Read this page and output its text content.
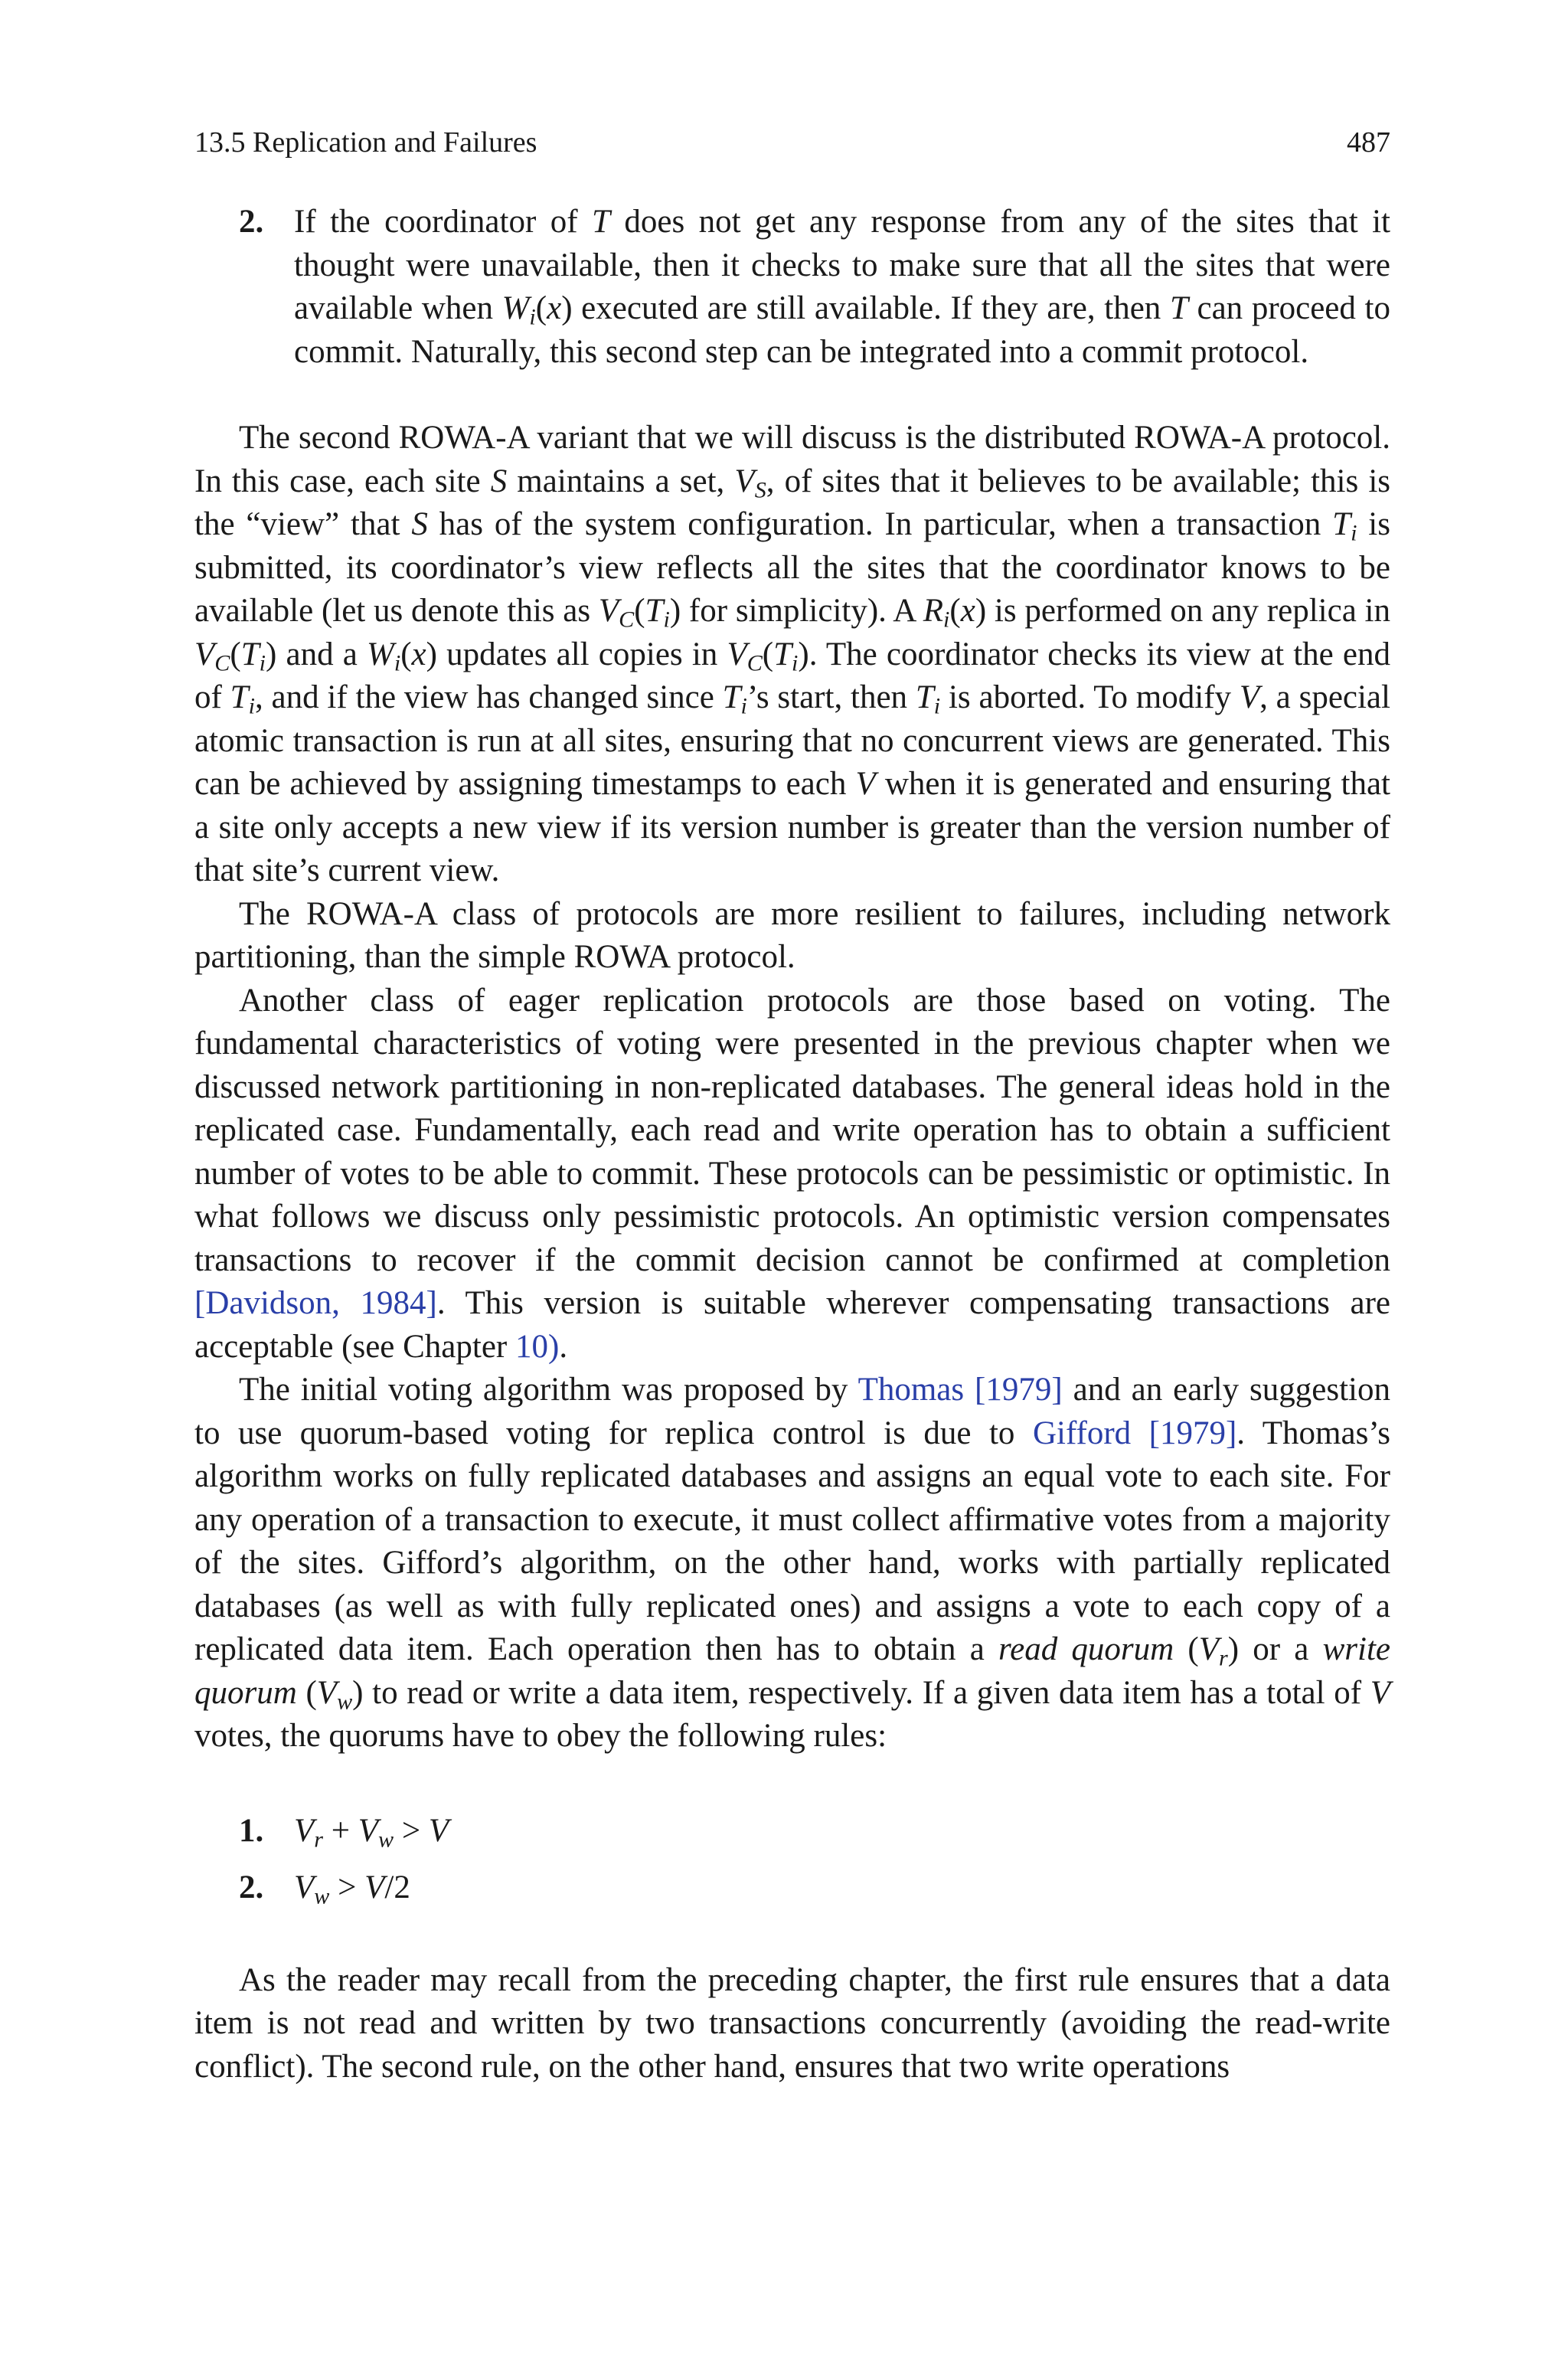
13.5 Replication and Failures	487
2. If the coordinator of T does not get any response from any of the sites that it thought were unavailable, then it checks to make sure that all the sites that were available when $W_i(x)$ executed are still available. If they are, then T can proceed to commit. Naturally, this second step can be integrated into a commit protocol.

The second ROWA-A variant that we will discuss is the distributed ROWA-A protocol. In this case, each site S maintains a set, $V_S$, of sites that it believes to be available; this is the “view” that S has of the system configuration. In particular, when a transaction $T_i$ is submitted, its coordinator’s view reflects all the sites that the coordinator knows to be available (let us denote this as $V_C(T_i)$ for simplicity). A $R_i(x)$ is performed on any replica in $V_C(T_i)$ and a $W_i(x)$ updates all copies in $V_C(T_i)$. The coordinator checks its view at the end of $T_i$, and if the view has changed since $T_i’s$ start, then $T_i$ is aborted. To modify V, a special atomic transaction is run at all sites, ensuring that no concurrent views are generated. This can be achieved by assigning timestamps to each V when it is generated and ensuring that a site only accepts a new view if its version number is greater than the version number of that site’s current view.

The ROWA-A class of protocols are more resilient to failures, including network partitioning, than the simple ROWA protocol.

Another class of eager replication protocols are those based on voting. The fundamental characteristics of voting were presented in the previous chapter when we discussed network partitioning in non-replicated databases. The general ideas hold in the replicated case. Fundamentally, each read and write operation has to obtain a sufficient number of votes to be able to commit. These protocols can be pessimistic or optimistic. In what follows we discuss only pessimistic protocols. An optimistic version compensates transactions to recover if the commit decision cannot be confirmed at completion [Davidson, 1984]. This version is suitable wherever compensating transactions are acceptable (see Chapter 10).

The initial voting algorithm was proposed by Thomas [1979] and an early suggestion to use quorum-based voting for replica control is due to Gifford [1979]. Thomas’s algorithm works on fully replicated databases and assigns an equal vote to each site. For any operation of a transaction to execute, it must collect affirmative votes from a majority of the sites. Gifford’s algorithm, on the other hand, works with partially replicated databases (as well as with fully replicated ones) and assigns a vote to each copy of a replicated data item. Each operation then has to obtain a read quorum $(V_r)$ or a write quorum $(V_w)$ to read or write a data item, respectively. If a given data item has a total of V votes, the quorums have to obey the following rules:

1. $V_r + V_w > V$
2. $V_w > V/2$

As the reader may recall from the preceding chapter, the first rule ensures that a data item is not read and written by two transactions concurrently (avoiding the read-write conflict). The second rule, on the other hand, ensures that two write operations
